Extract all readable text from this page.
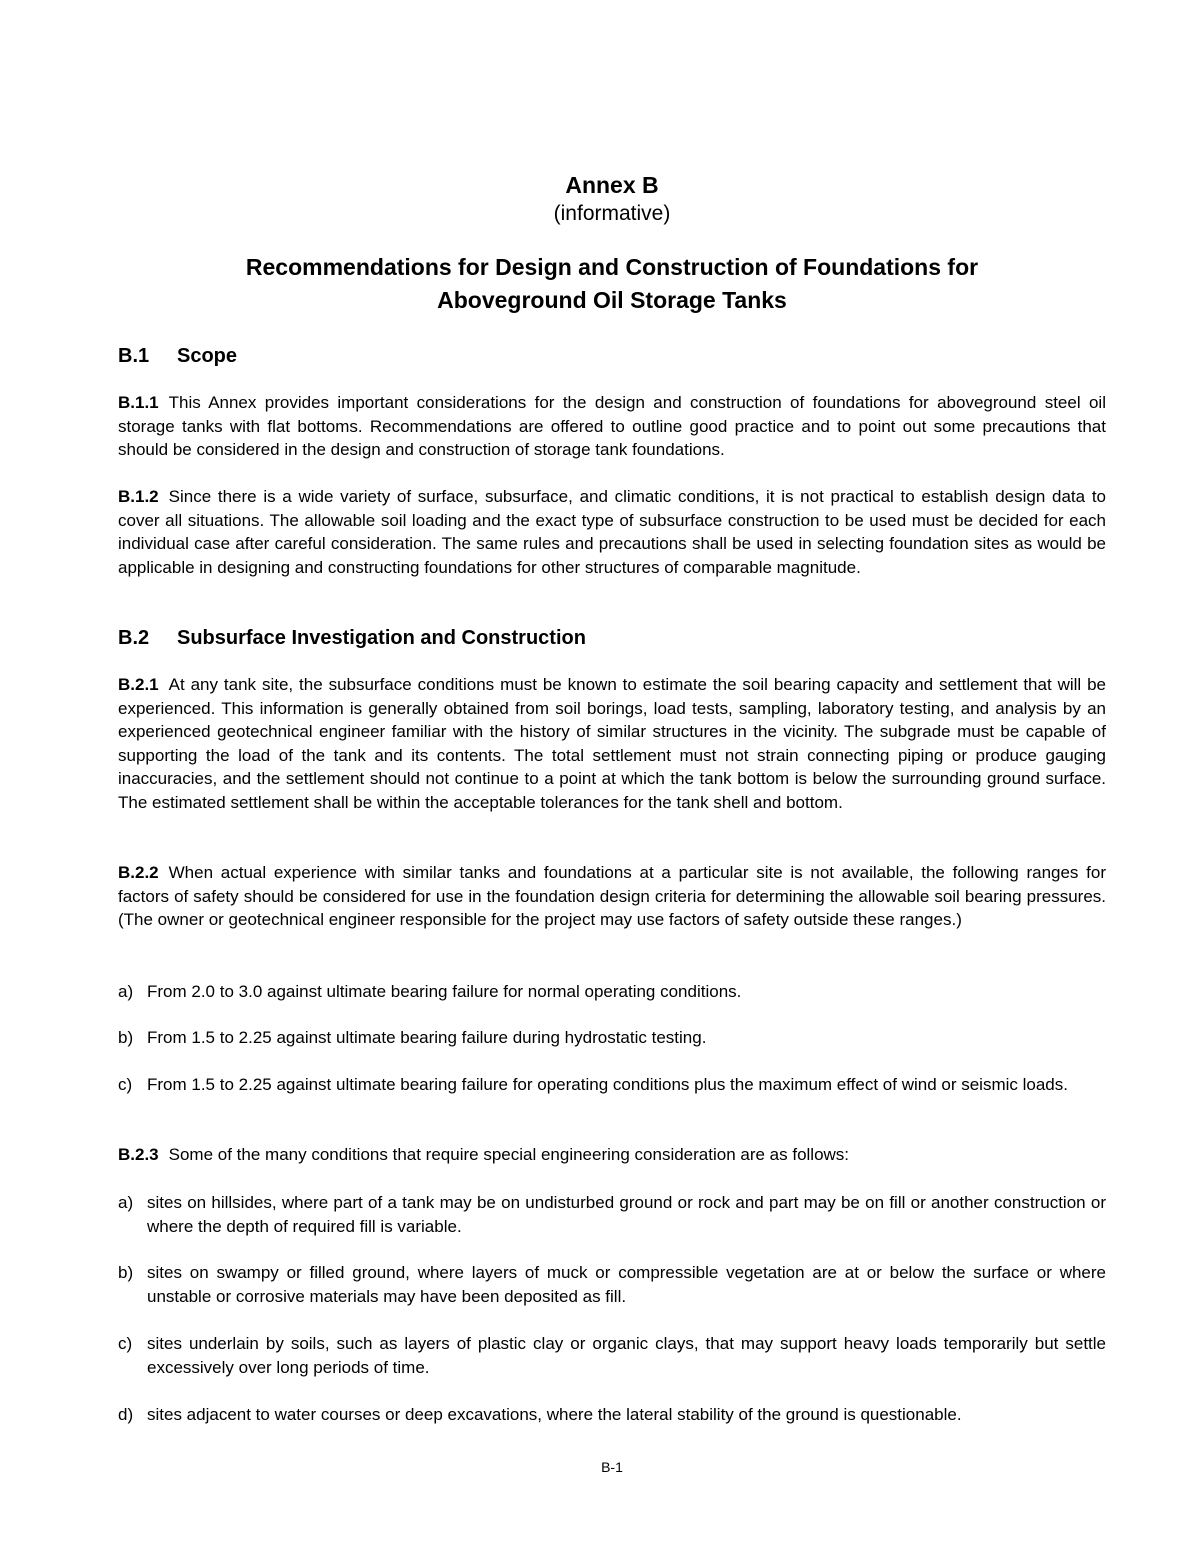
Annex B
(informative)
Recommendations for Design and Construction of Foundations for
Aboveground Oil Storage Tanks
B.1 Scope
B.1.1 This Annex provides important considerations for the design and construction of foundations for aboveground steel oil storage tanks with flat bottoms. Recommendations are offered to outline good practice and to point out some precautions that should be considered in the design and construction of storage tank foundations.
B.1.2 Since there is a wide variety of surface, subsurface, and climatic conditions, it is not practical to establish design data to cover all situations. The allowable soil loading and the exact type of subsurface construction to be used must be decided for each individual case after careful consideration. The same rules and precautions shall be used in selecting foundation sites as would be applicable in designing and constructing foundations for other structures of comparable magnitude.
B.2 Subsurface Investigation and Construction
B.2.1 At any tank site, the subsurface conditions must be known to estimate the soil bearing capacity and settlement that will be experienced. This information is generally obtained from soil borings, load tests, sampling, laboratory testing, and analysis by an experienced geotechnical engineer familiar with the history of similar structures in the vicinity. The subgrade must be capable of supporting the load of the tank and its contents. The total settlement must not strain connecting piping or produce gauging inaccuracies, and the settlement should not continue to a point at which the tank bottom is below the surrounding ground surface. The estimated settlement shall be within the acceptable tolerances for the tank shell and bottom.
B.2.2 When actual experience with similar tanks and foundations at a particular site is not available, the following ranges for factors of safety should be considered for use in the foundation design criteria for determining the allowable soil bearing pressures. (The owner or geotechnical engineer responsible for the project may use factors of safety outside these ranges.)
a) From 2.0 to 3.0 against ultimate bearing failure for normal operating conditions.
b) From 1.5 to 2.25 against ultimate bearing failure during hydrostatic testing.
c) From 1.5 to 2.25 against ultimate bearing failure for operating conditions plus the maximum effect of wind or seismic loads.
B.2.3 Some of the many conditions that require special engineering consideration are as follows:
a) sites on hillsides, where part of a tank may be on undisturbed ground or rock and part may be on fill or another construction or where the depth of required fill is variable.
b) sites on swampy or filled ground, where layers of muck or compressible vegetation are at or below the surface or where unstable or corrosive materials may have been deposited as fill.
c) sites underlain by soils, such as layers of plastic clay or organic clays, that may support heavy loads temporarily but settle excessively over long periods of time.
d) sites adjacent to water courses or deep excavations, where the lateral stability of the ground is questionable.
B-1
